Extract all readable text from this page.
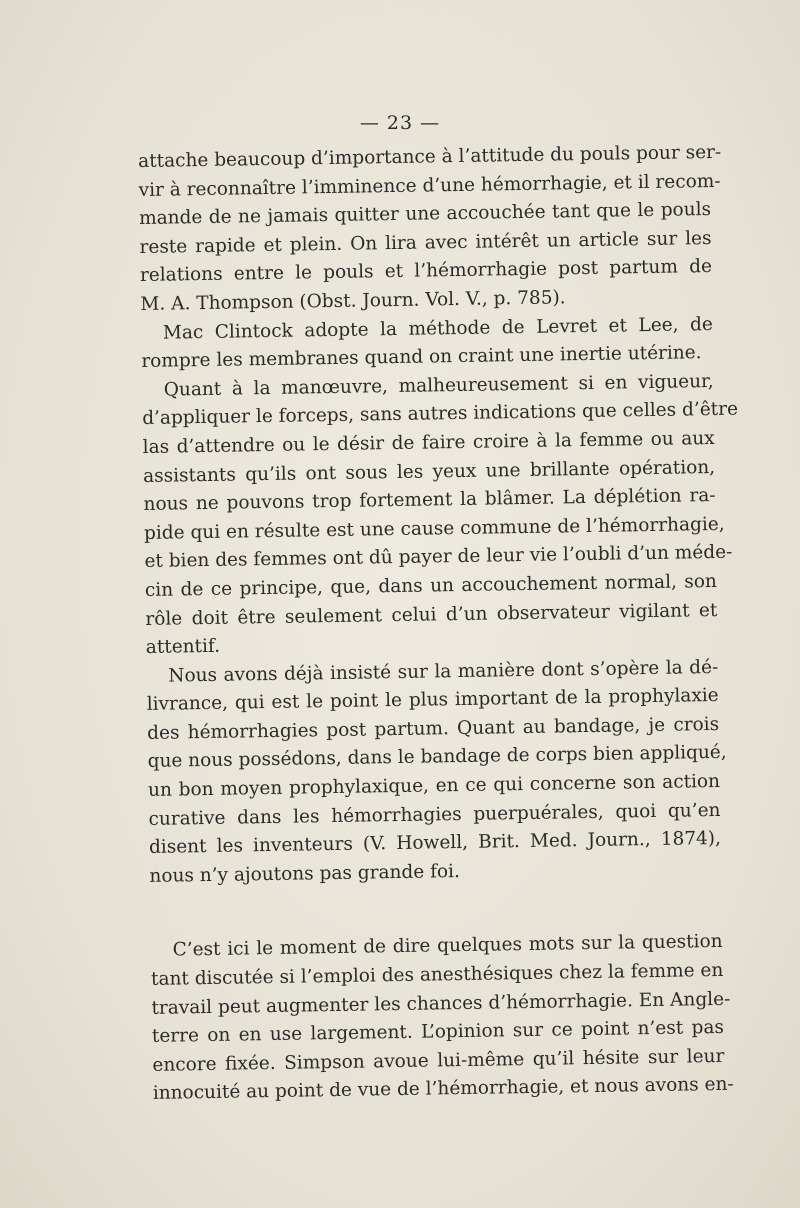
— 23 —
attache beaucoup d’importance à l’attitude du pouls pour ser-
vir à reconnaître l’imminence d’une hémorrhagie, et il recom-
mande de ne jamais quitter une accouchée tant que le pouls
reste rapide et plein. On lira avec intérêt un article sur les
relations entre le pouls et l’hémorrhagie post partum de
M. A. Thompson (Obst. Journ. Vol. V., p. 785).
Mac Clintock adopte la méthode de Levret et Lee, de
rompre les membranes quand on craint une inertie utérine.
Quant à la manœuvre, malheureusement si en vigueur,
d’appliquer le forceps, sans autres indications que celles d’être
las d’attendre ou le désir de faire croire à la femme ou aux
assistants qu’ils ont sous les yeux une brillante opération,
nous ne pouvons trop fortement la blâmer. La déplétion ra-
pide qui en résulte est une cause commune de l’hémorrhagie,
et bien des femmes ont dû payer de leur vie l’oubli d’un méde-
cin de ce principe, que, dans un accouchement normal, son
rôle doit être seulement celui d’un observateur vigilant et
attentif.
Nous avons déjà insisté sur la manière dont s’opère la dé-
livrance, qui est le point le plus important de la prophylaxie
des hémorrhagies post partum. Quant au bandage, je crois
que nous possédons, dans le bandage de corps bien appliqué,
un bon moyen prophylaxique, en ce qui concerne son action
curative dans les hémorrhagies puerpuérales, quoi qu’en
disent les inventeurs (V. Howell, Brit. Med. Journ., 1874),
nous n’y ajoutons pas grande foi.
C’est ici le moment de dire quelques mots sur la question
tant discutée si l’emploi des anesthésiques chez la femme en
travail peut augmenter les chances d’hémorrhagie. En Angle-
terre on en use largement. L’opinion sur ce point n’est pas
encore fixée. Simpson avoue lui-même qu’il hésite sur leur
innocuité au point de vue de l’hémorrhagie, et nous avons en-
